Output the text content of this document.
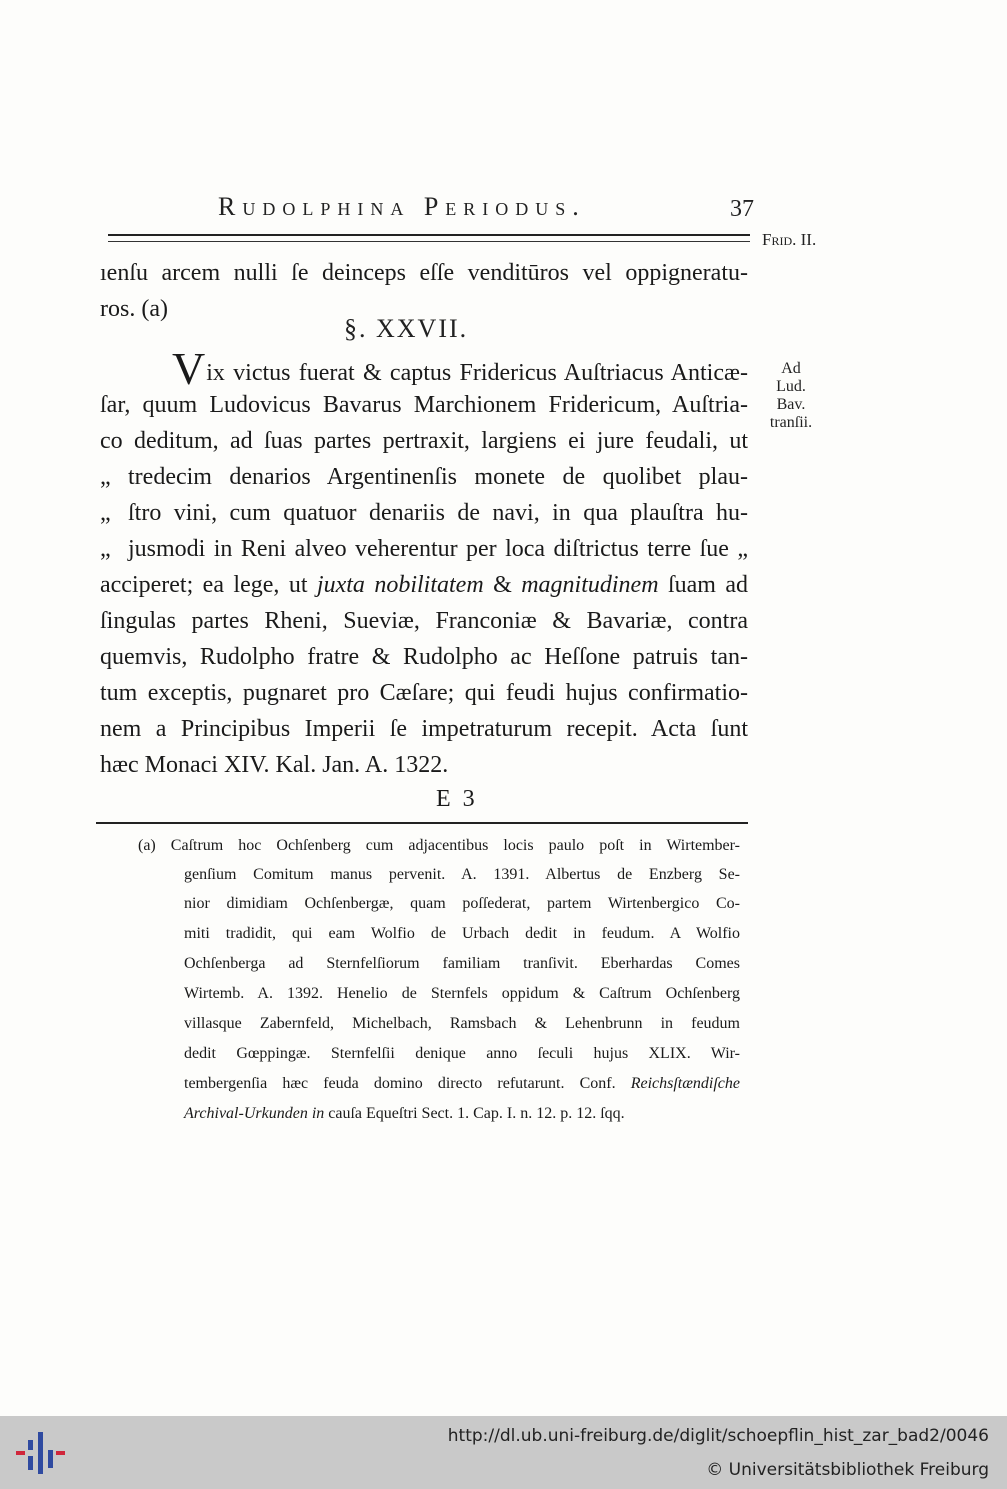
Rudolphina Periodus.	37
Frid. II.
Ad
Lud. Bav.
tranſii.
ıenſu arcem nulli ſe deinceps eſſe venditūros vel oppigneratu-
ros. (a)
§. XXVII.
Vix victus fuerat & captus Fridericus Auſtriacus Anticæ-
ſar, quum Ludovicus Bavarus Marchionem Fridericum, Auſtria-
co deditum, ad ſuas partes pertraxit, largiens ei jure feudali, ut
„ tredecim denarios Argentinenſis monete de quolibet plau-
„ ſtro vini, cum quatuor denariis de navi, in qua plauſtra hu-
„ jusmodi in Reni alveo veherentur per loca diſtrictus terre ſue „
acciperet; ea lege, ut juxta nobilitatem & magnitudinem ſuam ad
ſingulas partes Rheni, Sueviæ, Franconiæ & Bavariæ, contra
quemvis, Rudolpho fratre & Rudolpho ac Heſſone patruis tan-
tum exceptis, pugnaret pro Cæſare; qui feudi hujus confirmatio-
nem a Principibus Imperii ſe impetraturum recepit. Acta ſunt
hæc Monaci XIV. Kal. Jan. A. 1322.
E 3
(a) Caſtrum hoc Ochſenberg cum adjacentibus locis paulo poſt in Wirtember-
genſium Comitum manus pervenit. A. 1391. Albertus de Enzberg Se-
nior dimidiam Ochſenbergæ, quam poſſederat, partem Wirtenbergico Co-
miti tradidit, qui eam Wolfio de Urbach dedit in feudum. A Wolfio
Ochſenberga ad Sternfelſiorum familiam tranſivit. Eberhardas Comes
Wirtemb. A. 1392. Henelio de Sternfels oppidum & Caſtrum Ochſenberg
villasque Zabernfeld, Michelbach, Ramsbach & Lehenbrunn in feudum
dedit Gœppingæ. Sternfelſii denique anno ſeculi hujus XLIX. Wir-
tembergenſia hæc feuda domino directo refutarunt. Conf. Reichsſtændiſche
Archival-Urkunden in cauſa Equeſtri Sect. 1. Cap. I. n. 12. p. 12. ſqq.
http://dl.ub.uni-freiburg.de/diglit/schoepflin_hist_zar_bad2/0046
© Universitätsbibliothek Freiburg
